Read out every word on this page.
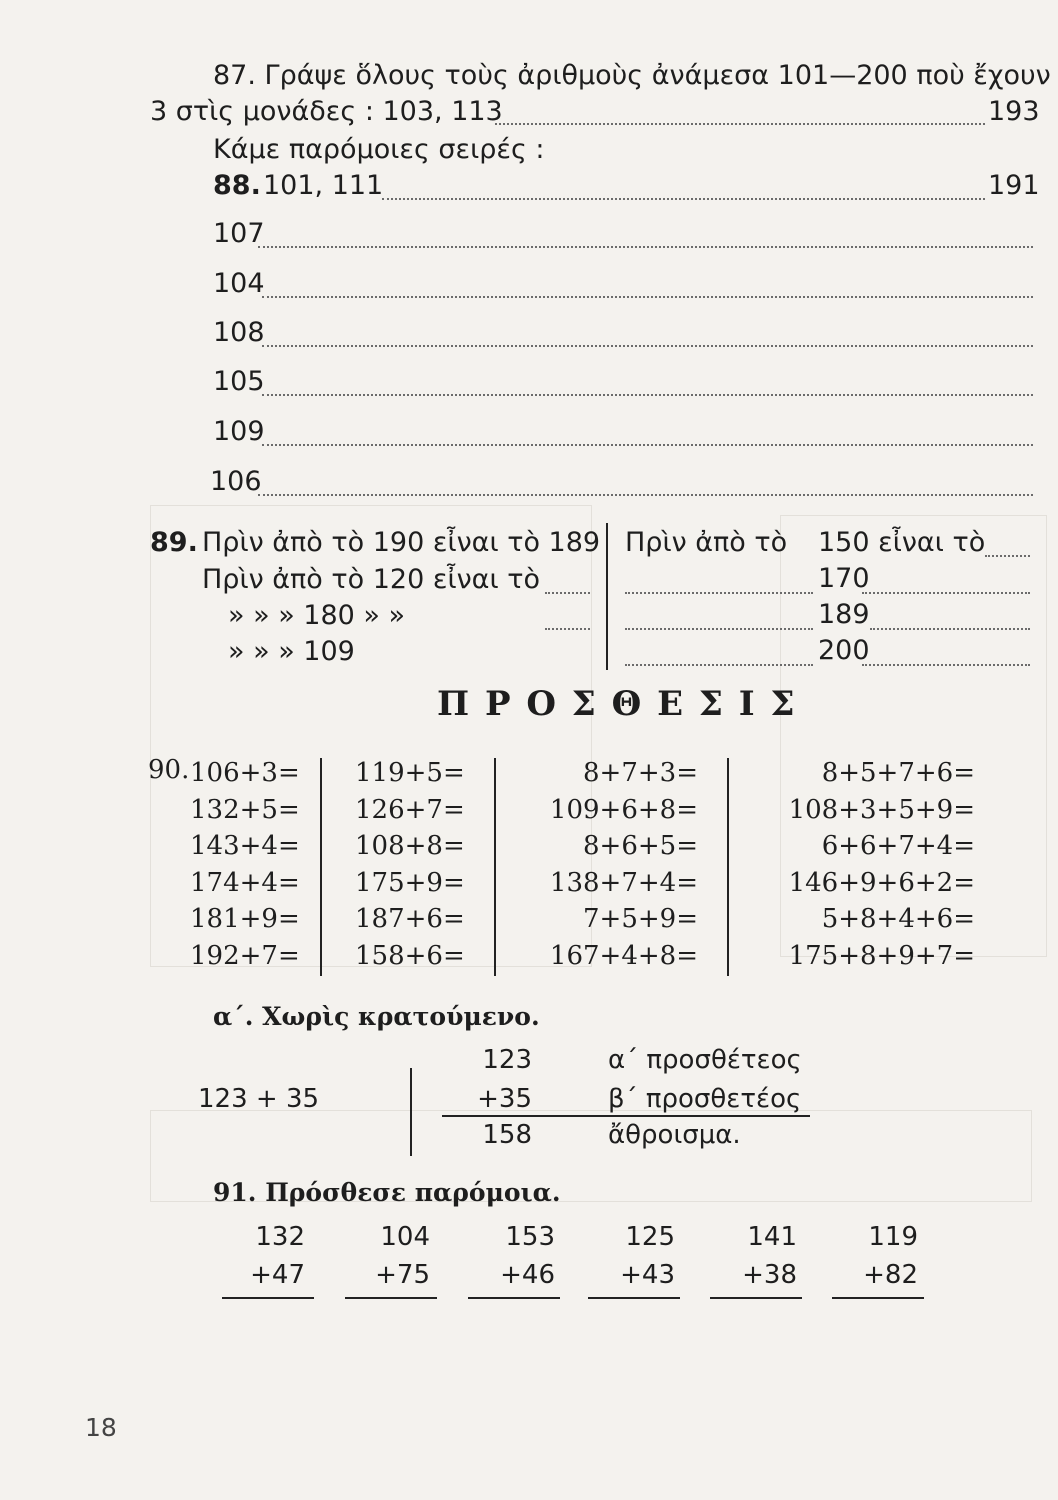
87. Γράψε ὅλους τοὺς ἀριθμοὺς ἀνάμεσα 101—200 ποὺ ἔχουν
3 στὶς μονάδες : 103, 113	193
Κάμε παρόμοιες σειρές :
88. 101, 111	191
107
104
108
105
109
106
89. Πρὶν ἀπὸ τὸ 190 εἶναι τὸ 189
Πρὶν ἀπὸ τὸ 120 εἶναι τὸ
» » » 180 » »
» » » 109
Πρὶν ἀπὸ τὸ 150 εἶναι τὸ
170
189
200
Π Ρ Ο Σ Θ Ε Σ Ι Σ
90. 106+3=
132+5=
143+4=
174+4=
181+9=
192+7=
119+5=
126+7=
108+8=
175+9=
187+6=
158+6=
8+7+3=
109+6+8=
8+6+5=
138+7+4=
7+5+9=
167+4+8=
8+5+7+6=
108+3+5+9=
6+6+7+4=
146+9+6+2=
5+8+4+6=
175+8+9+7=
α΄. Χωρὶς κρατούμενο.
123 + 35
123
+35
158
α΄ προσθέτεος
β΄ προσθετέος
ἄθροισμα.
91. Πρόσθεσε παρόμοια.
132
+47
104
+75
153
+46
125
+43
141
+38
119
+82
18
